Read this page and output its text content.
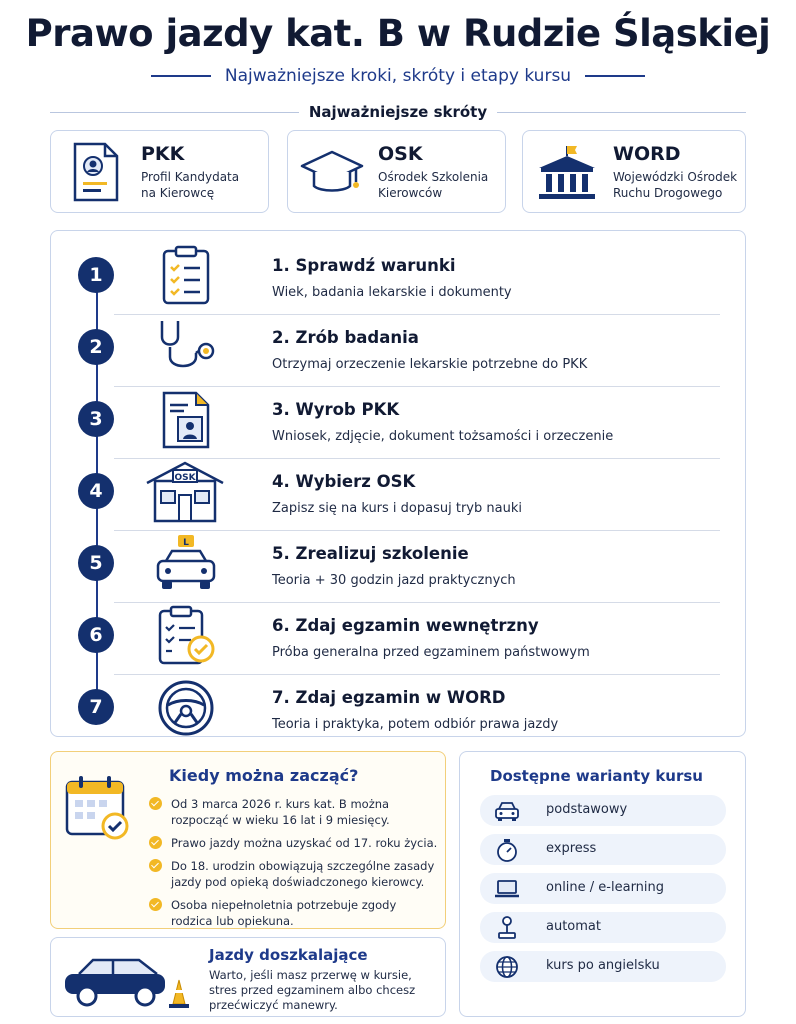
Prawo jazdy kat. B w Rudzie Śląskiej
Najważniejsze kroki, skróty i etapy kursu
Najważniejsze skróty
PKK
Profil Kandydata
na Kierowcę
OSK
Ośrodek Szkolenia
Kierowców
WORD
Wojewódzki Ośrodek
Ruchu Drogowego
1	1. Sprawdź warunki
Wiek, badania lekarskie i dokumenty
2	2. Zrób badania
Otrzymaj orzeczenie lekarskie potrzebne do PKK
3	3. Wyrob PKK
Wniosek, zdjęcie, dokument tożsamości i orzeczenie
4
OSK	4. Wybierz OSK
Zapisz się na kurs i dopasuj tryb nauki
5
L
5. Zrealizuj szkolenie
Teoria + 30 godzin jazd praktycznych
6	6. Zdaj egzamin wewnętrzny
Próba generalna przed egzaminem państwowym
7	7. Zdaj egzamin w WORD
Teoria i praktyka, potem odbiór prawa jazdy
Kiedy można zacząć?
Od 3 marca 2026 r. kurs kat. B można
rozpocząć w wieku 16 lat i 9 miesięcy.
Prawo jazdy można uzyskać od 17. roku życia.
Do 18. urodzin obowiązują szczególne zasady
jazdy pod opieką doświadczonego kierowcy.
Osoba niepełnoletnia potrzebuje zgody
rodzica lub opiekuna.
Jazdy doszkalające

Warto, jeśli masz przerwę w kursie,
stres przed egzaminem albo chcesz
przećwiczyć manewry.

Dostępne warianty kursu
podstawowy
express
online / e-learning
automat
kurs po angielsku
